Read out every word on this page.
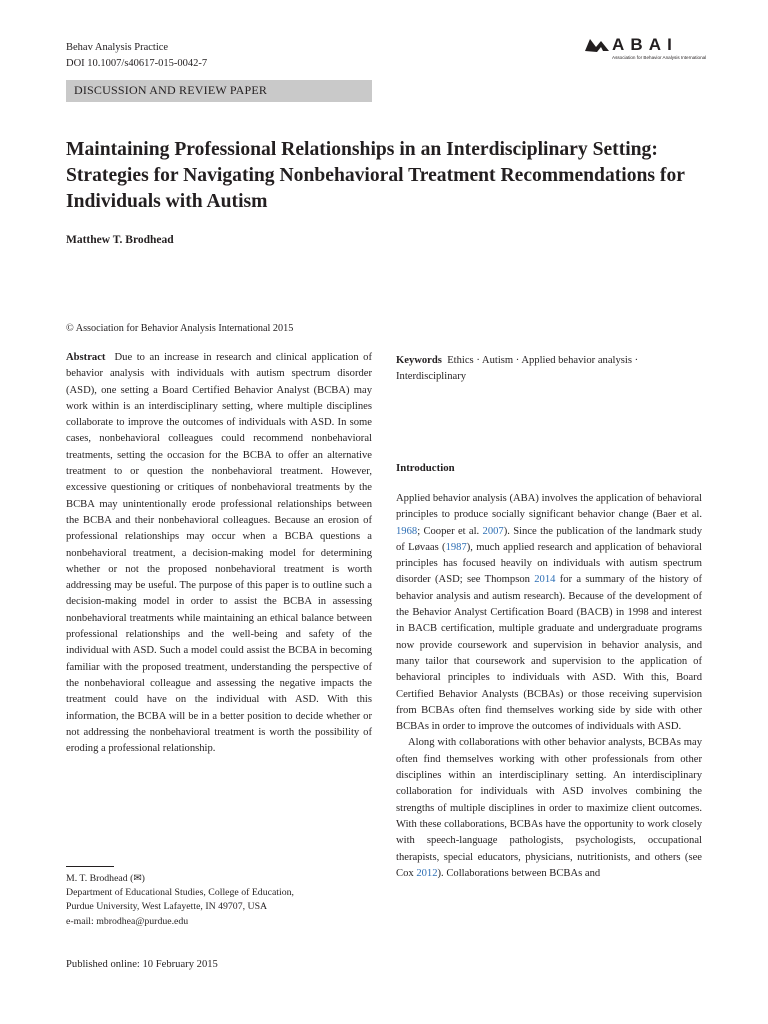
Behav Analysis Practice
DOI 10.1007/s40617-015-0042-7
A B A I
Association for Behavior Analysis International
DISCUSSION AND REVIEW PAPER
Maintaining Professional Relationships in an Interdisciplinary Setting: Strategies for Navigating Nonbehavioral Treatment Recommendations for Individuals with Autism
Matthew T. Brodhead
© Association for Behavior Analysis International 2015

Abstract Due to an increase in research and clinical application of behavior analysis with individuals with autism spectrum disorder (ASD), one setting a Board Certified Behavior Analyst (BCBA) may work within is an interdisciplinary setting, where multiple disciplines collaborate to improve the outcomes of individuals with ASD. In some cases, nonbehavioral colleagues could recommend nonbehavioral treatments, setting the occasion for the BCBA to offer an alternative treatment to or question the nonbehavioral treatment. However, excessive questioning or critiques of nonbehavioral treatments by the BCBA may unintentionally erode professional relationships between the BCBA and their nonbehavioral colleagues. Because an erosion of professional relationships may occur when a BCBA questions a nonbehavioral treatment, a decision-making model for determining whether or not the proposed nonbehavioral treatment is worth addressing may be useful. The purpose of this paper is to outline such a decision-making model in order to assist the BCBA in assessing nonbehavioral treatments while maintaining an ethical balance between professional relationships and the well-being and safety of the individual with ASD. Such a model could assist the BCBA in becoming familiar with the proposed treatment, understanding the perspective of the nonbehavioral colleague and assessing the negative impacts the treatment could have on the individual with ASD. With this information, the BCBA will be in a better position to decide whether or not addressing the nonbehavioral treatment is worth the possibility of eroding a professional relationship.

Keywords Ethics · Autism · Applied behavior analysis · Interdisciplinary
Introduction

Applied behavior analysis (ABA) involves the application of behavioral principles to produce socially significant behavior change (Baer et al. 1968; Cooper et al. 2007). Since the publication of the landmark study of Løvaas (1987), much applied research and application of behavioral principles has focused heavily on individuals with autism spectrum disorder (ASD; see Thompson 2014 for a summary of the history of behavior analysis and autism research). Because of the development of the Behavior Analyst Certification Board (BACB) in 1998 and interest in BACB certification, multiple graduate and undergraduate programs now provide coursework and supervision in behavior analysis, and many tailor that coursework and supervision to the application of behavioral principles to individuals with ASD. With this, Board Certified Behavior Analysts (BCBAs) or those receiving supervision from BCBAs often find themselves working side by side with other BCBAs in order to improve the outcomes of individuals with ASD.

Along with collaborations with other behavior analysts, BCBAs may often find themselves working with other professionals from other disciplines within an interdisciplinary setting. An interdisciplinary collaboration for individuals with ASD involves combining the strengths of multiple disciplines in order to maximize client outcomes. With these collaborations, BCBAs have the opportunity to work closely with speech-language pathologists, psychologists, occupational therapists, special educators, physicians, nutritionists, and others (see Cox 2012). Collaborations between BCBAs and

M. T. Brodhead (✉)
Department of Educational Studies, College of Education,
Purdue University, West Lafayette, IN 49707, USA
e-mail: mbrodhea@purdue.edu
Published online: 10 February 2015
